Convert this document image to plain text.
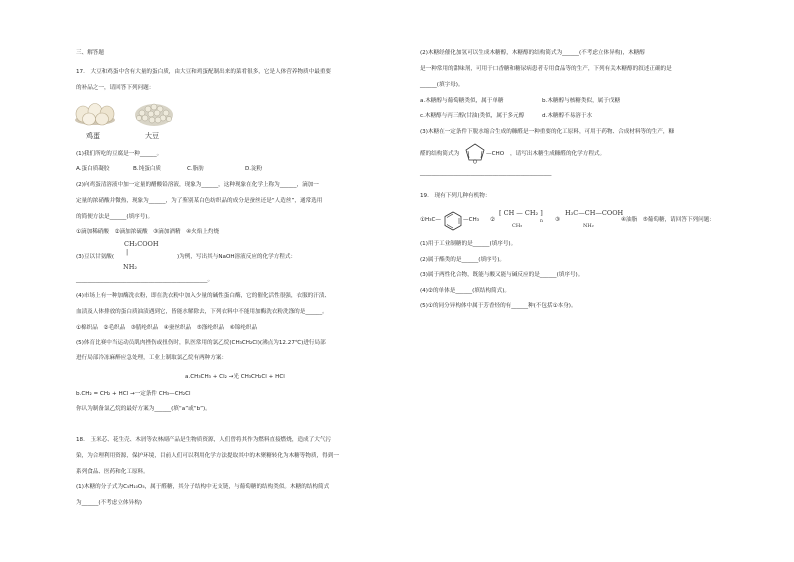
三、解答题
17.　大豆和鸡蛋中含有大量的蛋白质，由大豆和鸡蛋配制出来的菜肴很多，它是人体营养物质中最重要
的补品之一，请回答下列问题：
鸡蛋	大豆
(1)我们所吃的豆腐是一种______。
A.蛋白质凝胶	B.纯蛋白质	C.脂肪	D.淀粉
(2)向鸡蛋清溶液中加一定量的醋酸铅溶液，现象为______，这种现象在化学上称为______，滴加一
定量的浓硝酸并微热，现象为______，为了鉴别某白色纺织品的成分是蚕丝还是“人造丝”，通常选用
的简便方法是______(填序号)。
①滴加稀硝酸　②滴加浓硫酸　③滴加酒精　④火焰上灼烧
CH₂COOH
|
(3)豆以甘氨酸(
NH₂
)为例，写出其与NaOH溶液反应的化学方程式：
_______________________________________________。
(4)市场上有一种加酶洗衣粉，即在洗衣粉中加入少量的碱性蛋白酶，它的催化活性很强，衣服的汗渍、
血渍及人体排放的蛋白质油渍遇到它，皆能水解除去，下列衣料中不能用加酶洗衣粉洗涤的是______。
①棉织品　②毛织品　③腈纶织品　④蚕丝织品　⑤涤纶织品　⑥锦纶织品
(5)体育比赛中当运动员肌肉挫伤或扭伤时，队医常用的氯乙烷(CH₃CH₂Cl)(沸点为12.27℃)进行局部
进行局部冷冻麻醉应急处理，工业上制取氯乙烷有两种方案：
a.CH₃CH₃ + Cl₂ →光 CH₃CH₂Cl + HCl
b.CH₂ = CH₂ + HCl →一定条件 CH₃—CH₂Cl
你认为制备氯乙烷的最好方案为______(填“a”或“b”)。
18.　玉米芯、花生壳、木屑等农林副产品是生物质资源，人们曾将其作为燃料直接燃烧，造成了大气污
染，为合理利用资源，保护环境，目前人们可以利用化学方法提取其中的木聚糖转化为木糖等物质，得到一
系列食品、医药和化工原料。
(1)木糖的分子式为C₅H₁₀O₅，属于醛糖，其分子结构中无支链，与葡萄糖的结构类似。木糖的结构简式
为______(不考虑立体异构)
(2)木糖经催化加氢可以生成木糖醇，木糖醇的结构简式为______(不考虑立体异构)，木糖醇
是一种常用的甜味剂，可用于口香糖和糖尿病患者专用食品等的生产，下列有关木糖醇的叙述正确的是
______(填字母)。
a.木糖醇与葡萄糖类似，属于单糖	b.木糖醇与核糖类似，属于戊糖
c.木糖醇与丙三醇(甘油)类似，属于多元醇	d.木糖醇不易溶于水
(3)木糖在一定条件下脱水缩合生成的糠醛是一种重要的化工原料，可用于药物、合成材料等的生产，糠
醛的结构简式为
O
—CHO ，请写出木糖生成糠醛的化学方程式。
_______________________________________________
19.　现有下列几种有机物：
①H₃C—	—CH₃ ②
[ CH — CH₂ ]
n
CH₃
③
H₃C—CH—COOH
NH₂
④油脂　⑤葡萄糖，请回答下列问题：
(1)用于工业制糖的是______(填序号)。
(2)属于酯类的是______(填序号)。
(3)属于两性化合物，既能与酸又能与碱反应的是______(填序号)。
(4)②的单体是______(填结构简式)。
(5)①的同分异构体中属于芳香烃的有______种(不包括①本身)。
